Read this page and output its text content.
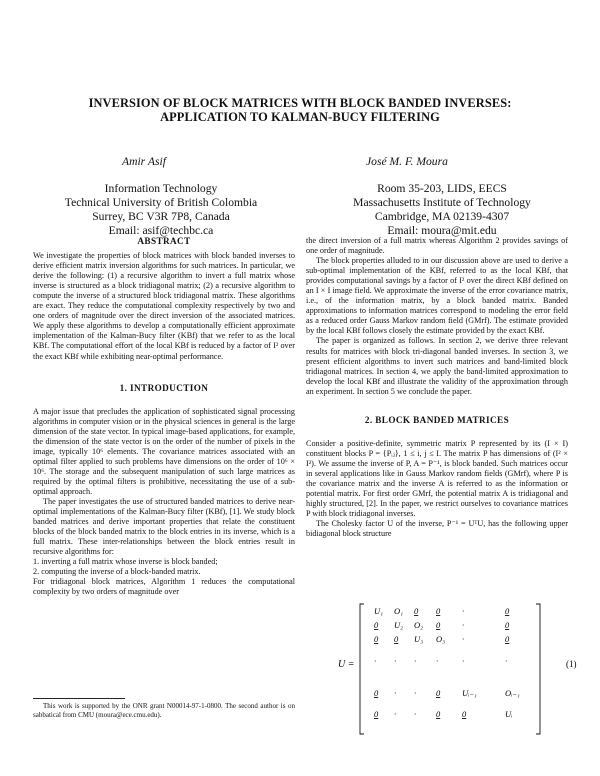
INVERSION OF BLOCK MATRICES WITH BLOCK BANDED INVERSES:
APPLICATION TO KALMAN-BUCY FILTERING
Amir Asif	José M. F. Moura
Information Technology
Technical University of British Colombia
Surrey, BC V3R 7P8, Canada
Email: asif@techbc.ca
Room 35-203, LIDS, EECS
Massachusetts Institute of Technology
Cambridge, MA 02139-4307
Email: moura@mit.edu
ABSTRACT

We investigate the properties of block matrices with block banded inverses to derive efficient matrix inversion algorithms for such matrices. In particular, we derive the following: (1) a recursive algorithm to invert a full matrix whose inverse is structured as a block tridiagonal matrix; (2) a recursive algorithm to compute the inverse of a structured block tridiagonal matrix. These algorithms are exact. They reduce the computational complexity respectively by two and one orders of magnitude over the direct inversion of the associated matrices. We apply these algorithms to develop a computationally efficient approximate implementation of the Kalman-Bucy filter (KBf) that we refer to as the local KBf. The computational effort of the local KBf is reduced by a factor of I² over the exact KBf while exhibiting near-optimal performance.

1. INTRODUCTION

A major issue that precludes the application of sophisticated signal processing algorithms in computer vision or in the physical sciences in general is the large dimension of the state vector. In typical image-based applications, for example, the dimension of the state vector is on the order of the number of pixels in the image, typically 10⁶ elements. The covariance matrices associated with an optimal filter applied to such problems have dimensions on the order of 10⁶ × 10⁶. The storage and the subsequent manipulation of such large matrices as required by the optimal filters is prohibitive, necessitating the use of a sub-optimal approach.

The paper investigates the use of structured banded matrices to derive near-optimal implementations of the Kalman-Bucy filter (KBf), [1]. We study block banded matrices and derive important properties that relate the constituent blocks of the block banded matrix to the block entries in its inverse, which is a full matrix. These inter-relationships between the block entries result in recursive algorithms for:

1. inverting a full matrix whose inverse is block banded;

2. computing the inverse of a block-banded matrix.

For tridiagonal block matrices, Algorithm 1 reduces the computational complexity by two orders of magnitude over

This work is supported by the ONR grant N00014-97-1-0800. The second author is on sabbatical from CMU (moura@ece.cmu.edu).

the direct inversion of a full matrix whereas Algorithm 2 provides savings of one order of magnitude.

The block properties alluded to in our discussion above are used to derive a sub-optimal implementation of the KBf, referred to as the local KBf, that provides computational savings by a factor of I² over the direct KBf defined on an I × I image field. We approximate the inverse of the error covariance matrix, i.e., of the information matrix, by a block banded matrix. Banded approximations to information matrices correspond to modeling the error field as a reduced order Gauss Markov random field (GMrf). The estimate provided by the local KBf follows closely the estimate provided by the exact KBf.

The paper is organized as follows. In section 2, we derive three relevant results for matrices with block tri-diagonal banded inverses. In section 3, we present efficient algorithms to invert such matrices and band-limited block tridiagonal matrices. In section 4, we apply the band-limited approximation to develop the local KBf and illustrate the validity of the approximation through an experiment. In section 5 we conclude the paper.

2. BLOCK BANDED MATRICES

Consider a positive-definite, symmetric matrix P represented by its (I × I) constituent blocks P = {Pᵢⱼ}, 1 ≤ i, j ≤ I. The matrix P has dimensions of (I² × I²). We assume the inverse of P, A = P⁻¹, is block banded. Such matrices occur in several applications like in Gauss Markov random fields (GMrf), where P is the covariance matrix and the inverse A is referred to as the information or potential matrix. For first order GMrf, the potential matrix A is tridiagonal and highly structured, [2]. In the paper, we restrict ourselves to covariance matrices P with block tridiagonal inverses.

The Cholesky factor U of the inverse, P⁻¹ = UᵀU, has the following upper bidiagonal block structure

U =
U₁ O₁ 0 0	·	0
0 U₂ O₂ 0	·	0
0 0 U₃ O₃ ·	0
· · · ·	·	·
0 · · 0	Uᵢ₋₁	Oᵢ₋₁
0 · · 0	0	Uᵢ
(1)
